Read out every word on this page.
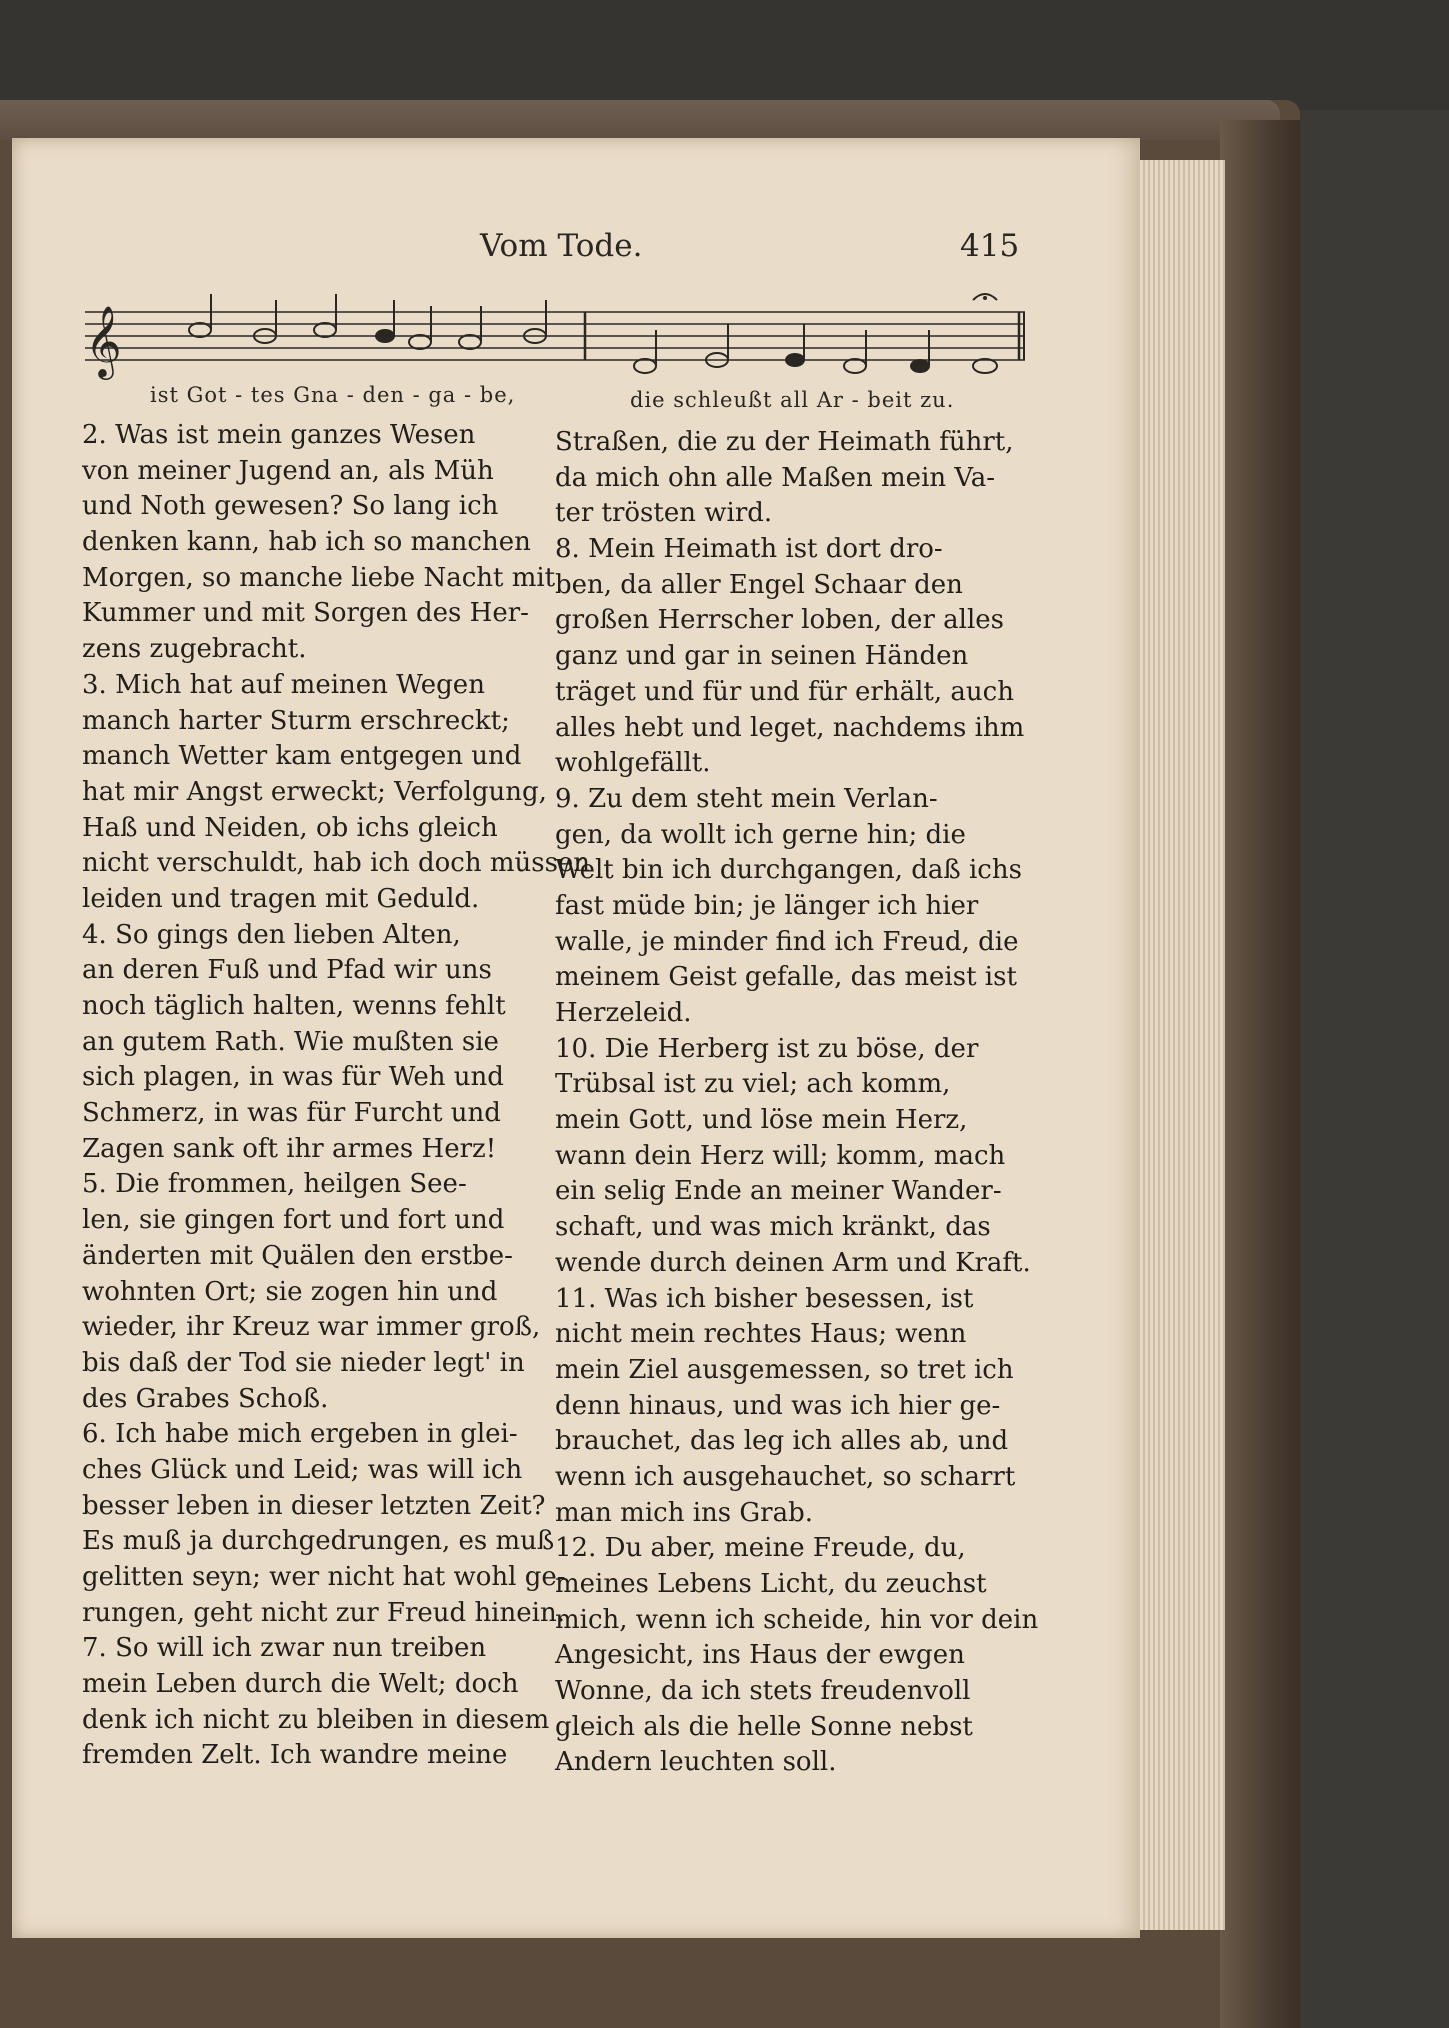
Vom Tode.	415
𝄞
ist Got - tes Gna - den - ga - be,	die schleußt all Ar - beit zu.
2. Was ist mein ganzes Wesen
von meiner Jugend an, als Müh
und Noth gewesen? So lang ich
denken kann, hab ich so manchen
Morgen, so manche liebe Nacht mit
Kummer und mit Sorgen des Her-
zens zugebracht.
3. Mich hat auf meinen Wegen
manch harter Sturm erschreckt;
manch Wetter kam entgegen und
hat mir Angst erweckt; Verfolgung,
Haß und Neiden, ob ichs gleich
nicht verschuldt, hab ich doch müssen
leiden und tragen mit Geduld.
4. So gings den lieben Alten,
an deren Fuß und Pfad wir uns
noch täglich halten, wenns fehlt
an gutem Rath. Wie mußten sie
sich plagen, in was für Weh und
Schmerz, in was für Furcht und
Zagen sank oft ihr armes Herz!
5. Die frommen, heilgen See-
len, sie gingen fort und fort und
änderten mit Quälen den erstbe-
wohnten Ort; sie zogen hin und
wieder, ihr Kreuz war immer groß,
bis daß der Tod sie nieder legt' in
des Grabes Schoß.
6. Ich habe mich ergeben in glei-
ches Glück und Leid; was will ich
besser leben in dieser letzten Zeit?
Es muß ja durchgedrungen, es muß
gelitten seyn; wer nicht hat wohl ge-
rungen, geht nicht zur Freud hinein.
7. So will ich zwar nun treiben
mein Leben durch die Welt; doch
denk ich nicht zu bleiben in diesem
fremden Zelt. Ich wandre meine
Straßen, die zu der Heimath führt,
da mich ohn alle Maßen mein Va-
ter trösten wird.
8. Mein Heimath ist dort dro-
ben, da aller Engel Schaar den
großen Herrscher loben, der alles
ganz und gar in seinen Händen
träget und für und für erhält, auch
alles hebt und leget, nachdems ihm
wohlgefällt.
9. Zu dem steht mein Verlan-
gen, da wollt ich gerne hin; die
Welt bin ich durchgangen, daß ichs
fast müde bin; je länger ich hier
walle, je minder find ich Freud, die
meinem Geist gefalle, das meist ist
Herzeleid.
10. Die Herberg ist zu böse, der
Trübsal ist zu viel; ach komm,
mein Gott, und löse mein Herz,
wann dein Herz will; komm, mach
ein selig Ende an meiner Wander-
schaft, und was mich kränkt, das
wende durch deinen Arm und Kraft.
11. Was ich bisher besessen, ist
nicht mein rechtes Haus; wenn
mein Ziel ausgemessen, so tret ich
denn hinaus, und was ich hier ge-
brauchet, das leg ich alles ab, und
wenn ich ausgehauchet, so scharrt
man mich ins Grab.
12. Du aber, meine Freude, du,
meines Lebens Licht, du zeuchst
mich, wenn ich scheide, hin vor dein
Angesicht, ins Haus der ewgen
Wonne, da ich stets freudenvoll
gleich als die helle Sonne nebst
Andern leuchten soll.
